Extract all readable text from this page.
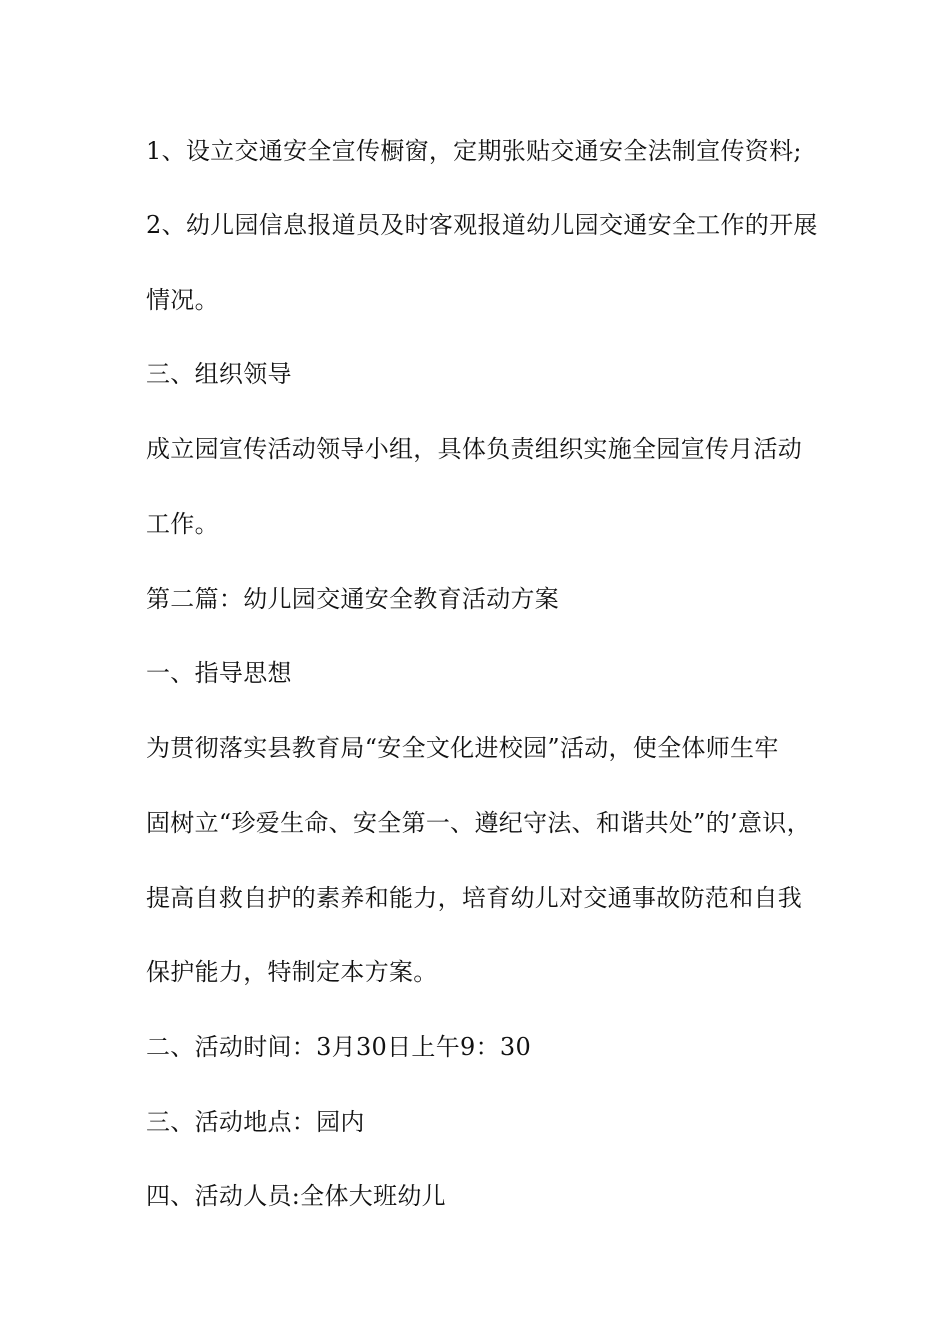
1、设立交通安全宣传橱窗，定期张贴交通安全法制宣传资料;
2、幼儿园信息报道员及时客观报道幼儿园交通安全工作的开展
情况。
三、组织领导
成立园宣传活动领导小组，具体负责组织实施全园宣传月活动
工作。
第二篇：幼儿园交通安全教育活动方案
一、指导思想
为贯彻落实县教育局“安全文化进校园”活动，使全体师生牢
固树立“珍爱生命、安全第一、遵纪守法、和谐共处”的’意识，
提高自救自护的素养和能力，培育幼儿对交通事故防范和自我
保护能力，特制定本方案。
二、活动时间：3月30日上午9：30
三、活动地点：园内
四、活动人员:全体大班幼儿
